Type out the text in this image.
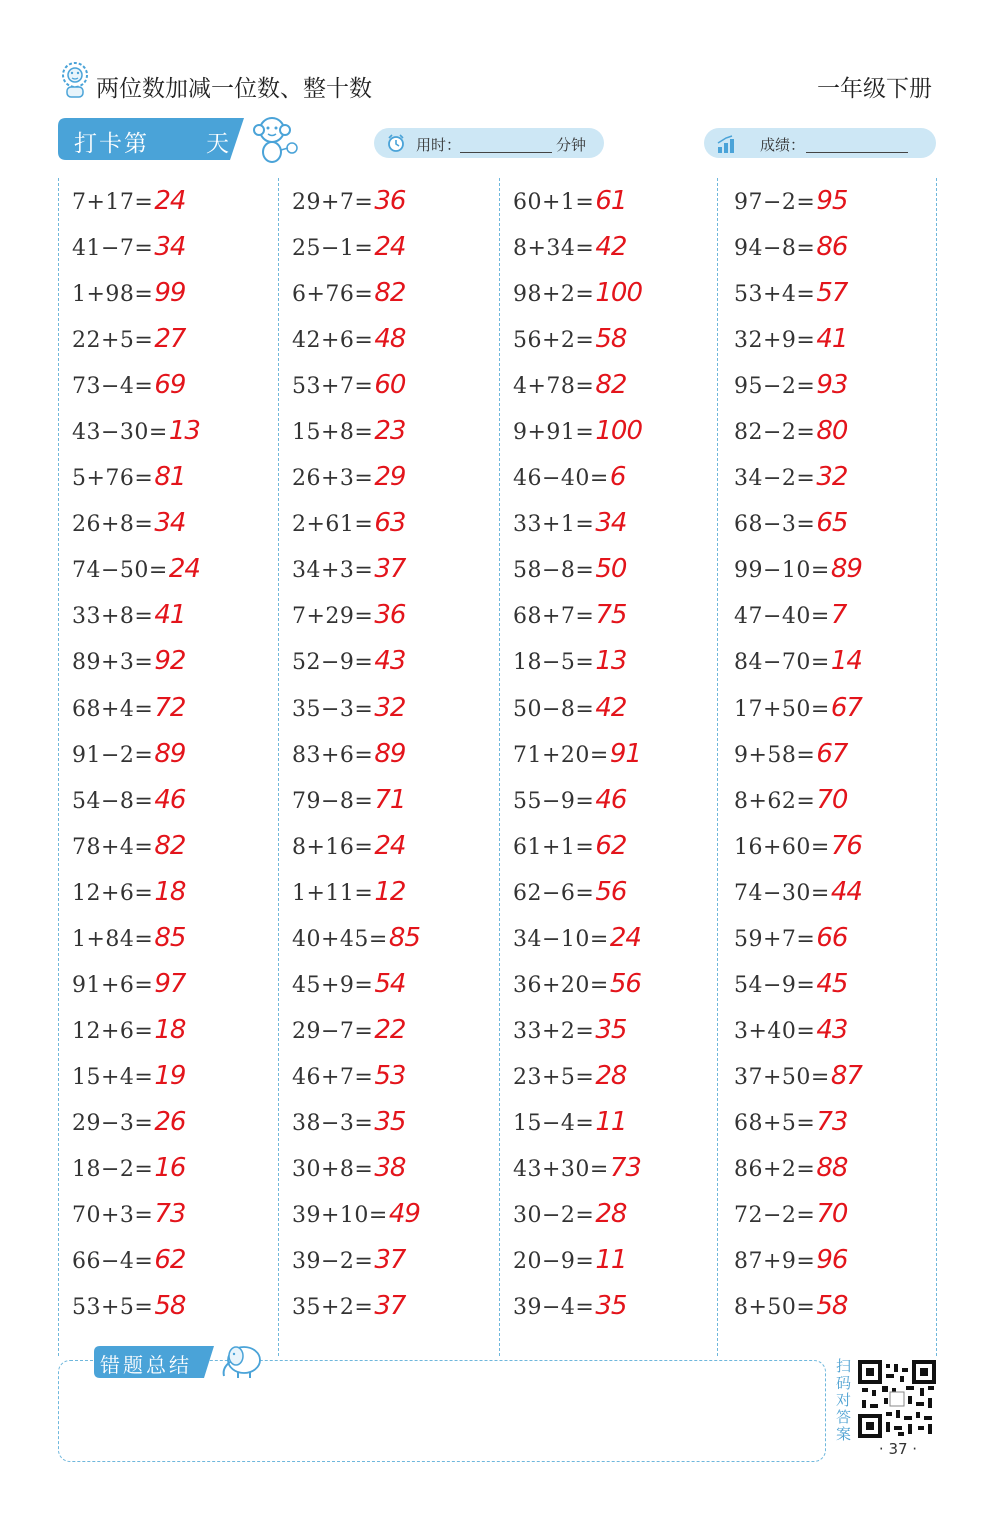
两位数加减一位数、整十数	一年级下册
打卡第 天	用时：	分钟	成绩：
7+17=24
41−7=34
1+98=99
22+5=27
73−4=69
43−30=13
5+76=81
26+8=34
74−50=24
33+8=41
89+3=92
68+4=72
91−2=89
54−8=46
78+4=82
12+6=18
1+84=85
91+6=97
12+6=18
15+4=19
29−3=26
18−2=16
70+3=73
66−4=62
53+5=58
29+7=36
25−1=24
6+76=82
42+6=48
53+7=60
15+8=23
26+3=29
2+61=63
34+3=37
7+29=36
52−9=43
35−3=32
83+6=89
79−8=71
8+16=24
1+11=12
40+45=85
45+9=54
29−7=22
46+7=53
38−3=35
30+8=38
39+10=49
39−2=37
35+2=37
60+1=61
8+34=42
98+2=100
56+2=58
4+78=82
9+91=100
46−40=6
33+1=34
58−8=50
68+7=75
18−5=13
50−8=42
71+20=91
55−9=46
61+1=62
62−6=56
34−10=24
36+20=56
33+2=35
23+5=28
15−4=11
43+30=73
30−2=28
20−9=11
39−4=35
97−2=95
94−8=86
53+4=57
32+9=41
95−2=93
82−2=80
34−2=32
68−3=65
99−10=89
47−40=7
84−70=14
17+50=67
9+58=67
8+62=70
16+60=76
74−30=44
59+7=66
54−9=45
3+40=43
37+50=87
68+5=73
86+2=88
72−2=70
87+9=96
8+50=58
错题总结	扫码对答案
· 37 ·
